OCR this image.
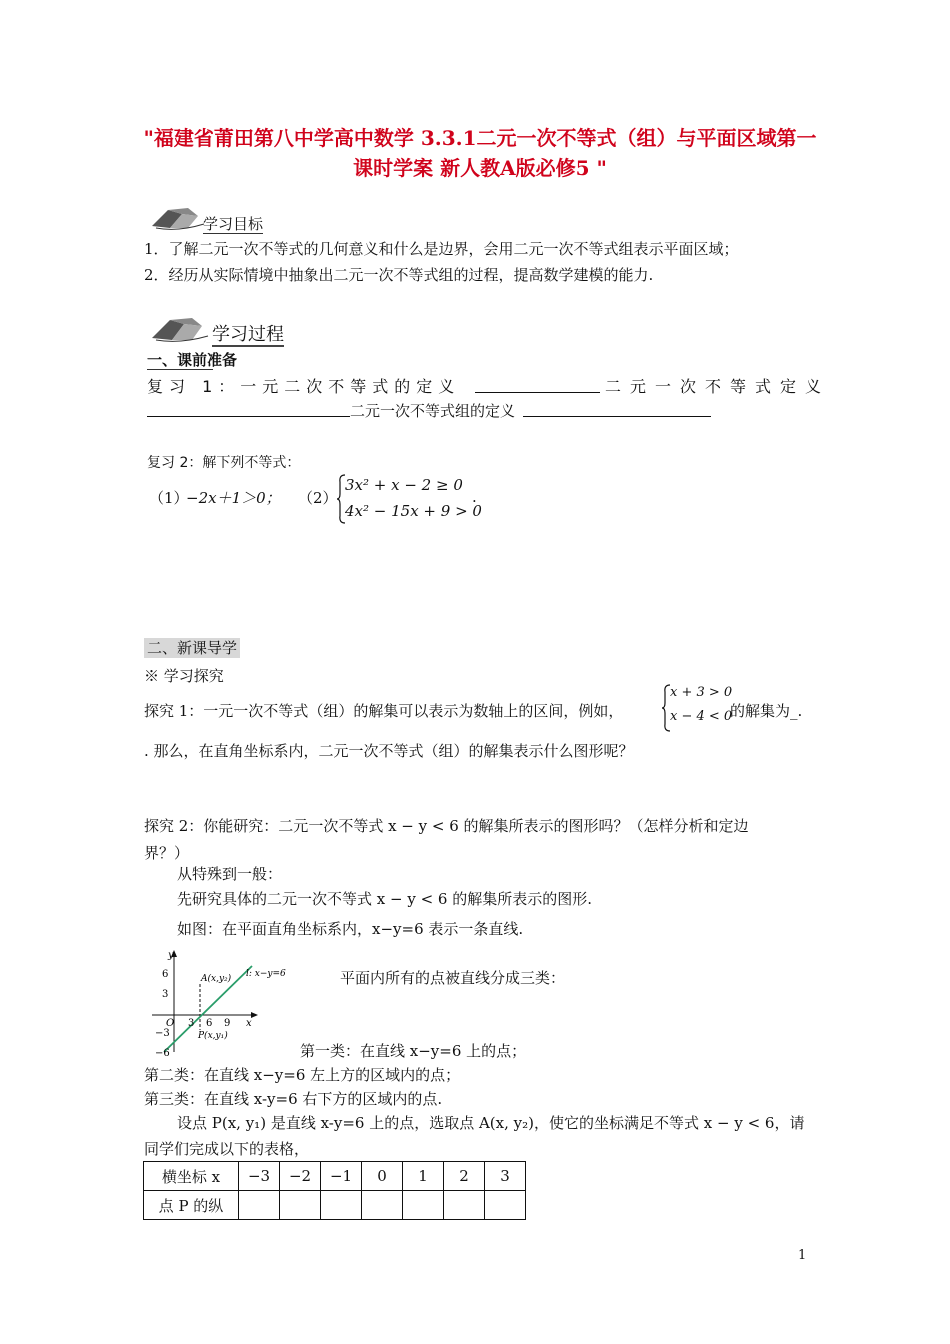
"福建省莆田第八中学高中数学 3.3.1二元一次不等式（组）与平面区域第一课时学案 新人教A版必修5 "
学习目标
1．了解二元一次不等式的几何意义和什么是边界，会用二元一次不等式组表示平面区域；
2．经历从实际情境中抽象出二元一次不等式组的过程，提高数学建模的能力.
学习过程
一、课前准备
复习 1：一元二次不等式的定义	二元一次不等式定义
二元一次不等式组的定义
复习 2：解下列不等式：
（1）
−2x＋1＞0； （2）
3x² + x − 2 ≥ 0
4x² − 15x + 9 > 0
.
二、新课导学
※ 学习探究
探究 1：一元一次不等式（组）的解集可以表示为数轴上的区间，例如，
x + 3 > 0
x − 4 < 0
的解集为_.
. 那么，在直角坐标系内，二元一次不等式（组）的解集表示什么图形呢？
探究 2：你能研究：二元一次不等式 x − y < 6 的解集所表示的图形吗？（怎样分析和定边
界？）
从特殊到一般：
先研究具体的二元一次不等式 x − y < 6 的解集所表示的图形.
如图：在平面直角坐标系内，x−y=6 表示一条直线.
y
x
O
6
3
−3
−6
3 6 9
A(x,y₂) l: x−y=6
P(x,y₁)
平面内所有的点被直线分成三类：
第一类：在直线 x−y=6 上的点；
第二类：在直线 x−y=6 左上方的区域内的点；
第三类：在直线 x-y=6 右下方的区域内的点.
设点 P(x, y₁) 是直线 x-y=6 上的点，选取点 A(x, y₂)，使它的坐标满足不等式 x − y < 6，请
同学们完成以下的表格，
横坐标 x	−3	−2	−1	0	1	2	3
点 P 的纵							
1
